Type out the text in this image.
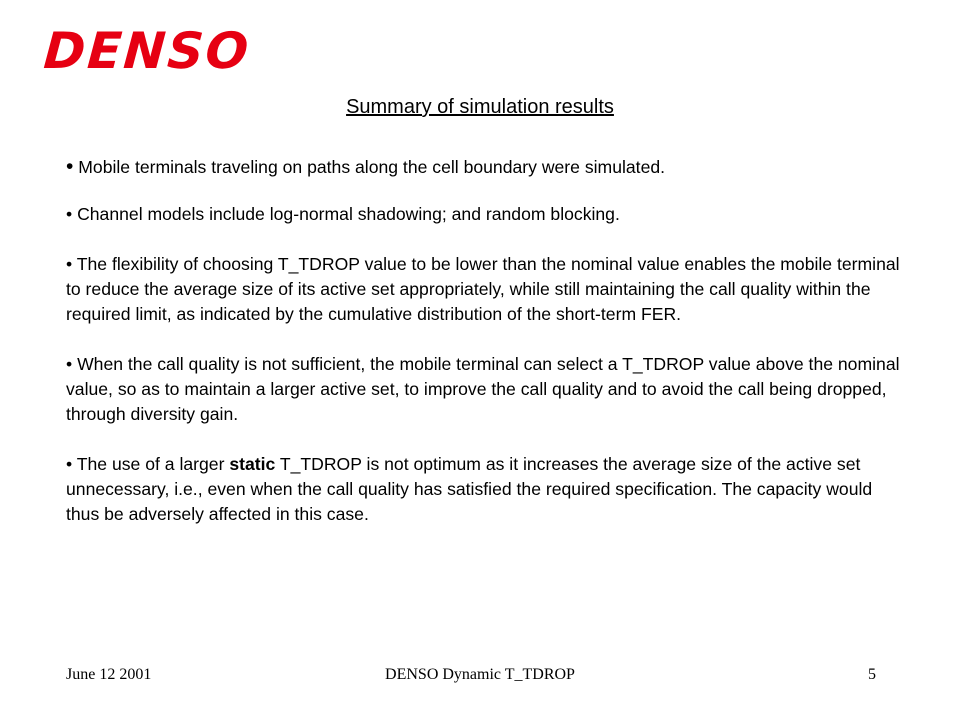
DENSO
Summary of simulation results

• Mobile terminals traveling on paths along the cell boundary were simulated.

• Channel models include log-normal shadowing; and random blocking.

• The flexibility of choosing T_TDROP value to be lower than the nominal value enables the mobile terminal to reduce the average size of its active set appropriately, while still maintaining the call quality within the required limit, as indicated by the cumulative distribution of the short-term FER.

• When the call quality is not sufficient, the mobile terminal can select a T_TDROP value above the nominal value, so as to maintain a larger active set, to improve the call quality and to avoid the call being dropped, through diversity gain.

• The use of a larger static T_TDROP is not optimum as it increases the average size of the active set unnecessary, i.e., even when the call quality has satisfied the required specification. The capacity would thus be adversely affected in this case.

June 12 2001	DENSO Dynamic T_TDROP	5
